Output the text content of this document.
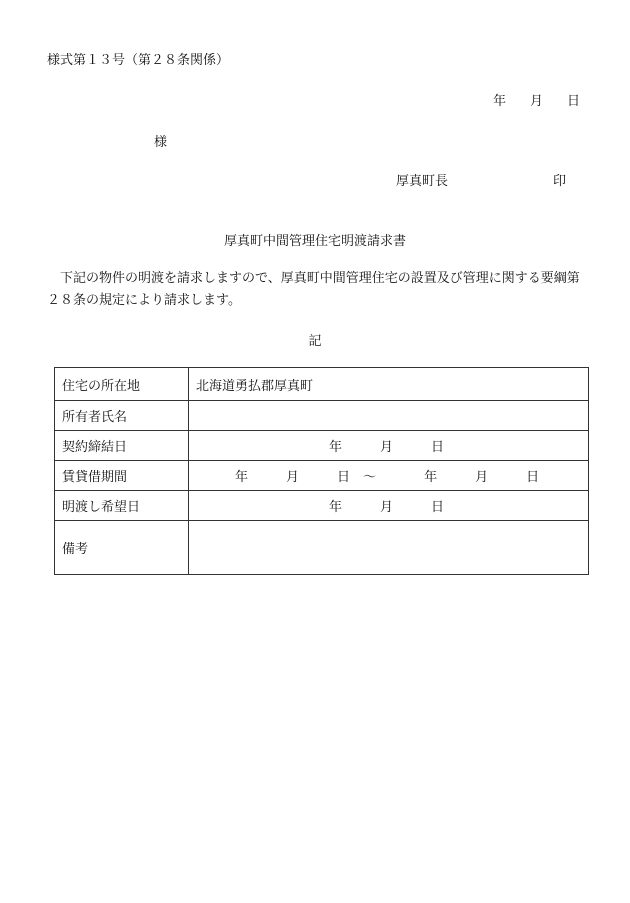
様式第１３号（第２８条関係）
年 月 日
様
厚真町長	印
厚真町中間管理住宅明渡請求書
下記の物件の明渡を請求しますので、厚真町中間管理住宅の設置及び管理に関する要綱第２８条の規定により請求します。
記
住宅の所在地	北海道勇払郡厚真町
所有者氏名	
契約締結日	年 月 日
賃貸借期間	年 月 日 ～ 年 月 日
明渡し希望日	年 月 日
備考	
